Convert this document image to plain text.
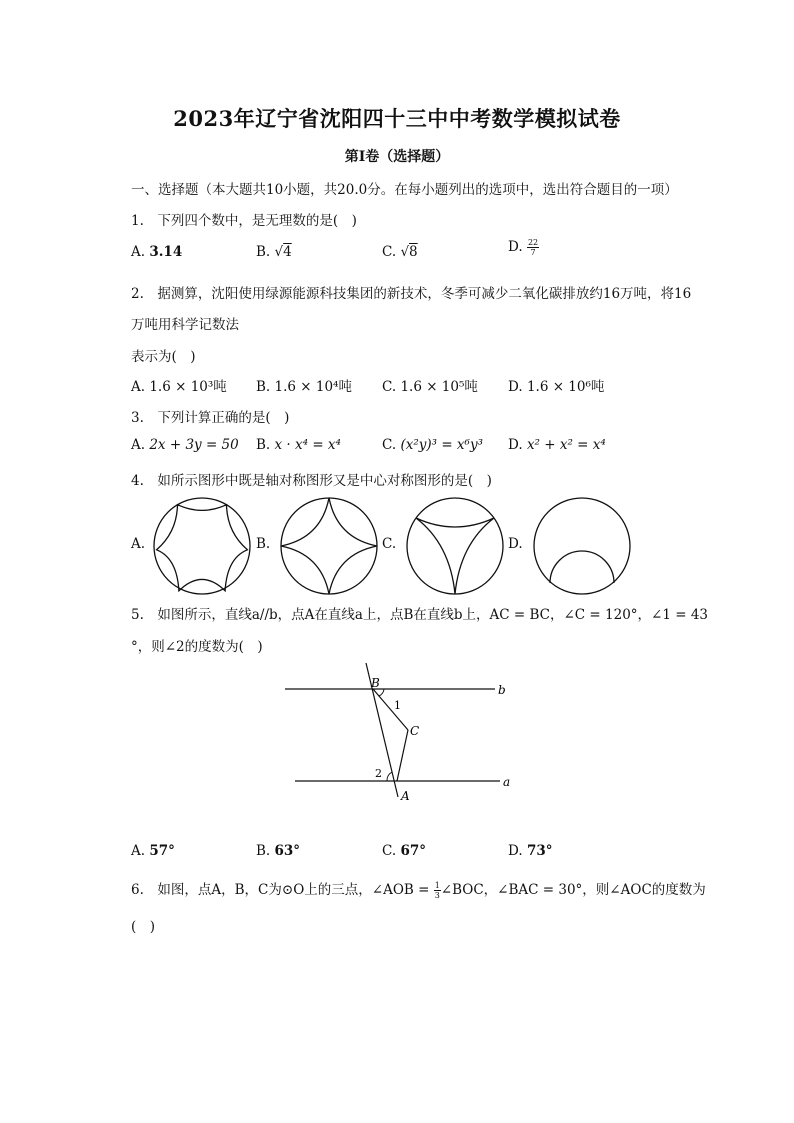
2023年辽宁省沈阳四十三中中考数学模拟试卷
第I卷（选择题）
一、选择题（本大题共10小题，共20.0分。在每小题列出的选项中，选出符合题目的一项）
1.　下列四个数中，是无理数的是(　)
A. 3.14	B. √4	C. √8	D. $\frac{22}{7}$
2.　据测算，沈阳使用绿源能源科技集团的新技术，冬季可减少二氧化碳排放约16万吨，将16
万吨用科学记数法
表示为(　)
A. 1.6 × 10³吨 B. 1.6 × 10⁴吨 C. 1.6 × 10⁵吨 D. 1.6 × 10⁶吨
3.　下列计算正确的是(　)
A. 2x + 3y = 50 B. x · x⁴ = x⁴	C. (x²y)³ = x⁶y³ D. x² + x² = x⁴
4.　如所示图形中既是轴对称图形又是中心对称图形的是(　)
A.	B.	C.	D.
5.　如图所示，直线a//b，点A在直线a上，点B在直线b上，AC = BC，∠C = 120°，∠1 = 43
°，则∠2的度数为(　)
B	b
1
C
2
A
a
A. 57°	B. 63°	C. 67°	D. 73°
6.　如图，点A，B，C为⊙O上的三点，∠AOB = $\frac{1}{3}$ ∠BOC，∠BAC = 30°，则∠AOC的度数为
(　)
